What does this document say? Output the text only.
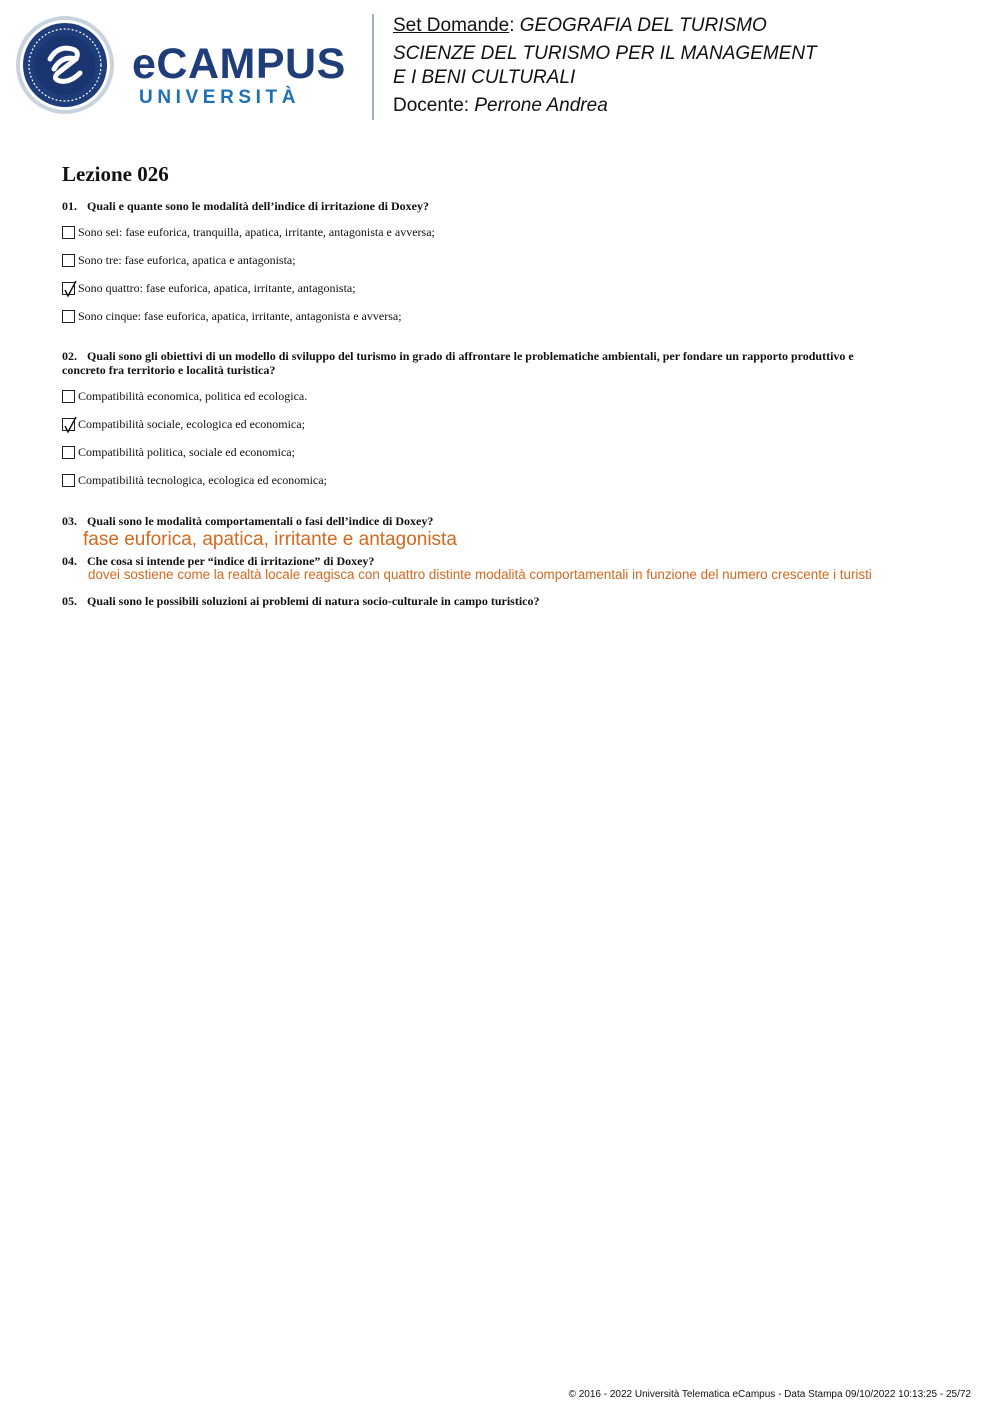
eCAMPUS
UNIVERSITÀ
Set Domande: GEOGRAFIA DEL TURISMO
SCIENZE DEL TURISMO PER IL MANAGEMENT
E I BENI CULTURALI
Docente: Perrone Andrea
Lezione 026
01. Quali e quante sono le modalità dell’indice di irritazione di Doxey?
Sono sei: fase euforica, tranquilla, apatica, irritante, antagonista e avversa;
Sono tre: fase euforica, apatica e antagonista;
Sono quattro: fase euforica, apatica, irritante, antagonista;
Sono cinque: fase euforica, apatica, irritante, antagonista e avversa;
02. Quali sono gli obiettivi di un modello di sviluppo del turismo in grado di affrontare le problematiche ambientali, per fondare un rapporto produttivo e
concreto fra territorio e località turistica?
Compatibilità economica, politica ed ecologica.
Compatibilità sociale, ecologica ed economica;
Compatibilità politica, sociale ed economica;
Compatibilità tecnologica, ecologica ed economica;
03. Quali sono le modalità comportamentali o fasi dell’indice di Doxey?
fase euforica, apatica, irritante e antagonista
04. Che cosa si intende per “indice di irritazione” di Doxey?
dovei sostiene come la realtà locale reagisca con quattro distinte modalità comportamentali in funzione del numero crescente i turisti
05. Quali sono le possibili soluzioni ai problemi di natura socio-culturale in campo turistico?
© 2016 - 2022 Università Telematica eCampus - Data Stampa 09/10/2022 10:13:25 - 25/72
